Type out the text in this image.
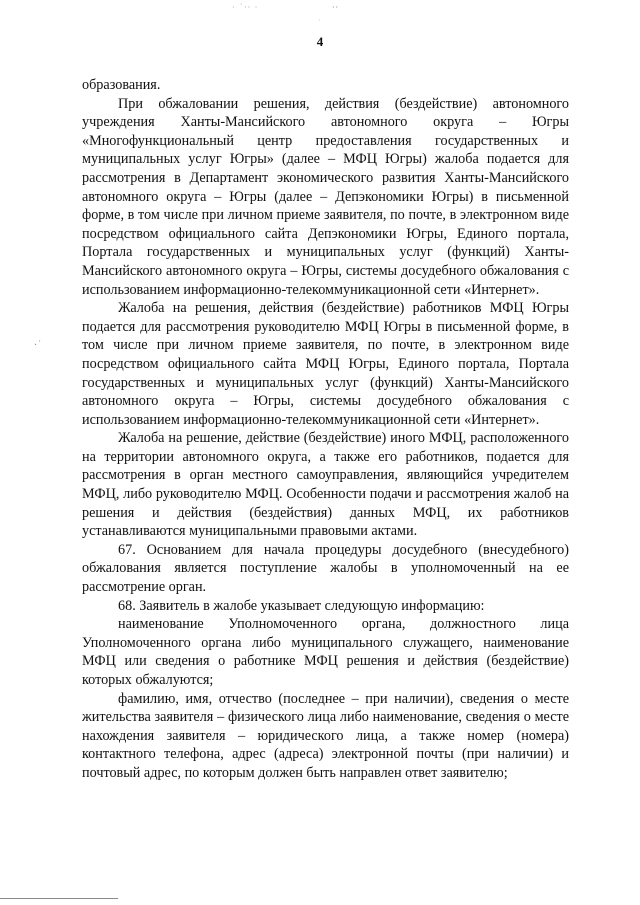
· ˙·· ·	··
·
4

образования.

При обжаловании решения, действия (бездействие) автономного учреждения Ханты-Мансийского автономного округа – Югры «Многофункциональный центр предоставления государственных и муниципальных услуг Югры» (далее – МФЦ Югры) жалоба подается для рассмотрения в Департамент экономического развития Ханты-Мансийского автономного округа – Югры (далее – Депэкономики Югры) в письменной форме, в том числе при личном приеме заявителя, по почте, в электронном виде посредством официального сайта Депэкономики Югры, Единого портала, Портала государственных и муниципальных услуг (функций) Ханты-Мансийского автономного округа – Югры, системы досудебного обжалования с использованием информационно-телекоммуникационной сети «Интернет».

Жалоба на решения, действия (бездействие) работников МФЦ Югры подается для рассмотрения руководителю МФЦ Югры в письменной форме, в том числе при личном приеме заявителя, по почте, в электронном виде посредством официального сайта МФЦ Югры, Единого портала, Портала государственных и муниципальных услуг (функций) Ханты-Мансийского автономного округа – Югры, системы досудебного обжалования с использованием информационно-телекоммуникационной сети «Интернет».

Жалоба на решение, действие (бездействие) иного МФЦ, расположенного на территории автономного округа, а также его работников, подается для рассмотрения в орган местного самоуправления, являющийся учредителем МФЦ, либо руководителю МФЦ. Особенности подачи и рассмотрения жалоб на решения и действия (бездействия) данных МФЦ, их работников устанавливаются муниципальными правовыми актами.

67. Основанием для начала процедуры досудебного (внесудебного) обжалования является поступление жалобы в уполномоченный на ее рассмотрение орган.

68. Заявитель в жалобе указывает следующую информацию:

наименование Уполномоченного органа, должностного лица Уполномоченного органа либо муниципального служащего, наименование МФЦ или сведения о работнике МФЦ решения и действия (бездействие) которых обжалуются;

фамилию, имя, отчество (последнее – при наличии), сведения о месте жительства заявителя – физического лица либо наименование, сведения о месте нахождения заявителя – юридического лица, а также номер (номера) контактного телефона, адрес (адреса) электронной почты (при наличии) и почтовый адрес, по которым должен быть направлен ответ заявителю;

·˙
